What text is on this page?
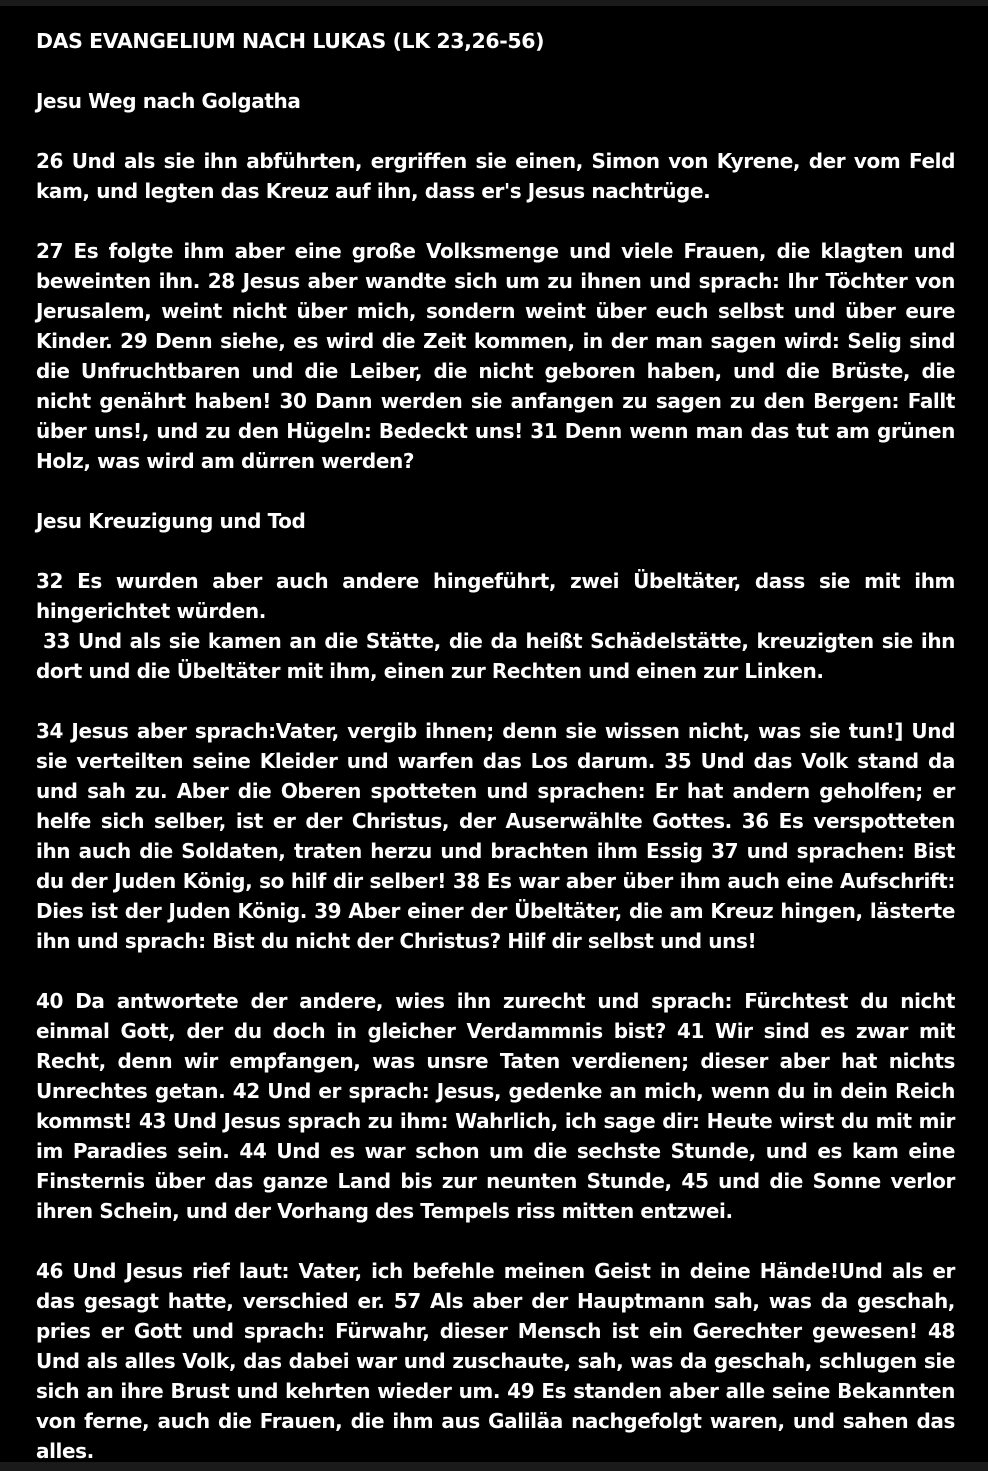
DAS EVANGELIUM NACH LUKAS (LK 23,26-56)
Jesu Weg nach Golgatha

26 Und als sie ihn abführten, ergriffen sie einen, Simon von Kyrene, der vom Feld kam, und legten das Kreuz auf ihn, dass er's Jesus nachtrüge.

27 Es folgte ihm aber eine große Volksmenge und viele Frauen, die klagten und beweinten ihn. 28 Jesus aber wandte sich um zu ihnen und sprach: Ihr Töchter von Jerusalem, weint nicht über mich, sondern weint über euch selbst und über eure Kinder. 29 Denn siehe, es wird die Zeit kommen, in der man sagen wird: Selig sind die Unfruchtbaren und die Leiber, die nicht geboren haben, und die Brüste, die nicht genährt haben! 30 Dann werden sie anfangen zu sagen zu den Bergen: Fallt über uns!, und zu den Hügeln: Bedeckt uns! 31 Denn wenn man das tut am grünen Holz, was wird am dürren werden?

Jesu Kreuzigung und Tod

32 Es wurden aber auch andere hingeführt, zwei Übeltäter, dass sie mit ihm hingerichtet würden.

33 Und als sie kamen an die Stätte, die da heißt Schädelstätte, kreuzigten sie ihn dort und die Übeltäter mit ihm, einen zur Rechten und einen zur Linken.

34 Jesus aber sprach:Vater, vergib ihnen; denn sie wissen nicht, was sie tun!] Und sie verteilten seine Kleider und warfen das Los darum. 35 Und das Volk stand da und sah zu. Aber die Oberen spotteten und sprachen: Er hat andern geholfen; er helfe sich selber, ist er der Christus, der Auserwählte Gottes. 36 Es verspotteten ihn auch die Soldaten, traten herzu und brachten ihm Essig 37 und sprachen: Bist du der Juden König, so hilf dir selber! 38 Es war aber über ihm auch eine Aufschrift: Dies ist der Juden König. 39 Aber einer der Übeltäter, die am Kreuz hingen, lästerte ihn und sprach: Bist du nicht der Christus? Hilf dir selbst und uns!

40 Da antwortete der andere, wies ihn zurecht und sprach: Fürchtest du nicht einmal Gott, der du doch in gleicher Verdammnis bist? 41 Wir sind es zwar mit Recht, denn wir empfangen, was unsre Taten verdienen; dieser aber hat nichts Unrechtes getan. 42 Und er sprach: Jesus, gedenke an mich, wenn du in dein Reich kommst! 43 Und Jesus sprach zu ihm: Wahrlich, ich sage dir: Heute wirst du mit mir im Paradies sein. 44 Und es war schon um die sechste Stunde, und es kam eine Finsternis über das ganze Land bis zur neunten Stunde, 45 und die Sonne verlor ihren Schein, und der Vorhang des Tempels riss mitten entzwei.

46 Und Jesus rief laut: Vater, ich befehle meinen Geist in deine Hände!Und als er das gesagt hatte, verschied er. 57 Als aber der Hauptmann sah, was da geschah, pries er Gott und sprach: Fürwahr, dieser Mensch ist ein Gerechter gewesen! 48 Und als alles Volk, das dabei war und zuschaute, sah, was da geschah, schlugen sie sich an ihre Brust und kehrten wieder um. 49 Es standen aber alle seine Bekannten von ferne, auch die Frauen, die ihm aus Galiläa nachgefolgt waren, und sahen das alles.
